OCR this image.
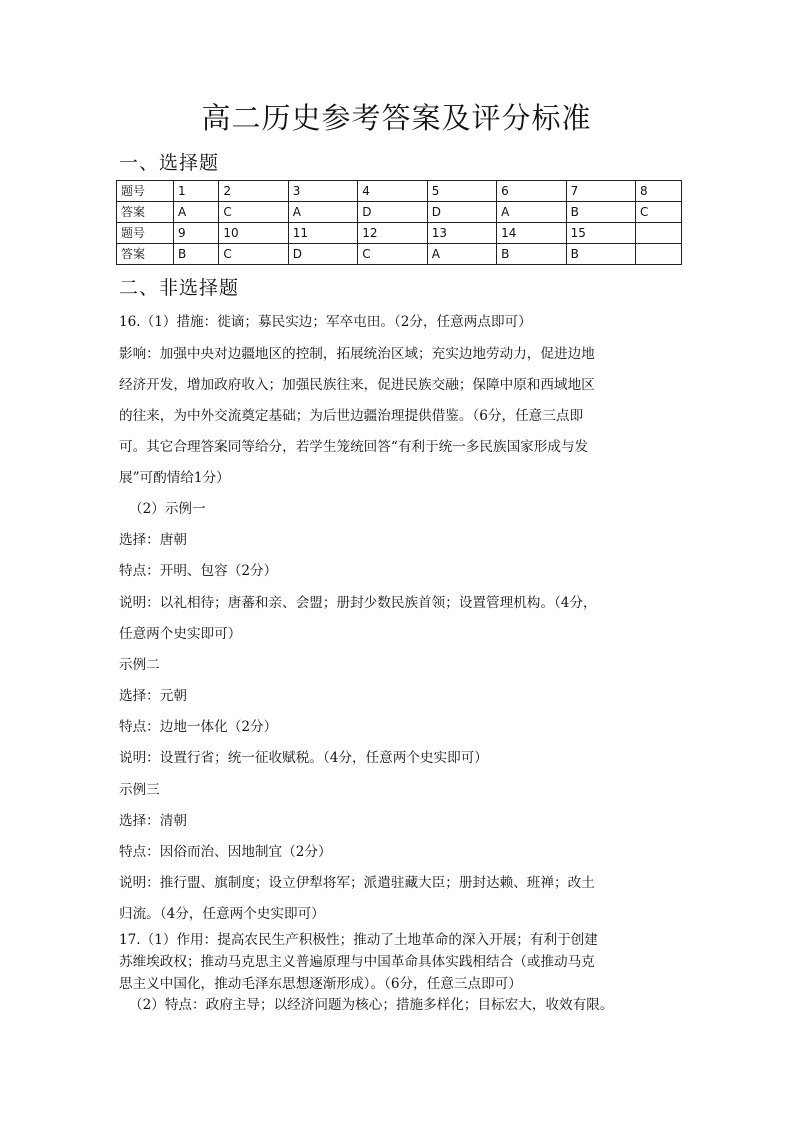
高二历史参考答案及评分标准
一、选择题
题号	1	2	3	4	5	6	7	8
答案	A	C	A	D	D	A	B	C
题号	9	10	11	12	13	14	15	
答案	B	C	D	C	A	B	B	
二、非选择题
16.（1）措施：徙谪；募民实边；军卒屯田。（2分，任意两点即可）
影响：加强中央对边疆地区的控制，拓展统治区域；充实边地劳动力，促进边地
经济开发，增加政府收入；加强民族往来，促进民族交融；保障中原和西域地区
的往来，为中外交流奠定基础；为后世边疆治理提供借鉴。（6分，任意三点即
可。其它合理答案同等给分，若学生笼统回答“有利于统一多民族国家形成与发
展”可酌情给1分）
（2）示例一
选择：唐朝
特点：开明、包容（2分）
说明：以礼相待；唐蕃和亲、会盟；册封少数民族首领；设置管理机构。（4分，
任意两个史实即可）
示例二
选择：元朝
特点：边地一体化（2分）
说明：设置行省；统一征收赋税。（4分，任意两个史实即可）
示例三
选择：清朝
特点：因俗而治、因地制宜（2分）
说明：推行盟、旗制度；设立伊犁将军；派遣驻藏大臣；册封达赖、班禅；改土
归流。（4分，任意两个史实即可）
17.（1）作用：提高农民生产积极性；推动了土地革命的深入开展；有利于创建
苏维埃政权；推动马克思主义普遍原理与中国革命具体实践相结合（或推动马克
思主义中国化，推动毛泽东思想逐渐形成）。（6分，任意三点即可）
（2）特点：政府主导；以经济问题为核心；措施多样化；目标宏大，收效有限。
